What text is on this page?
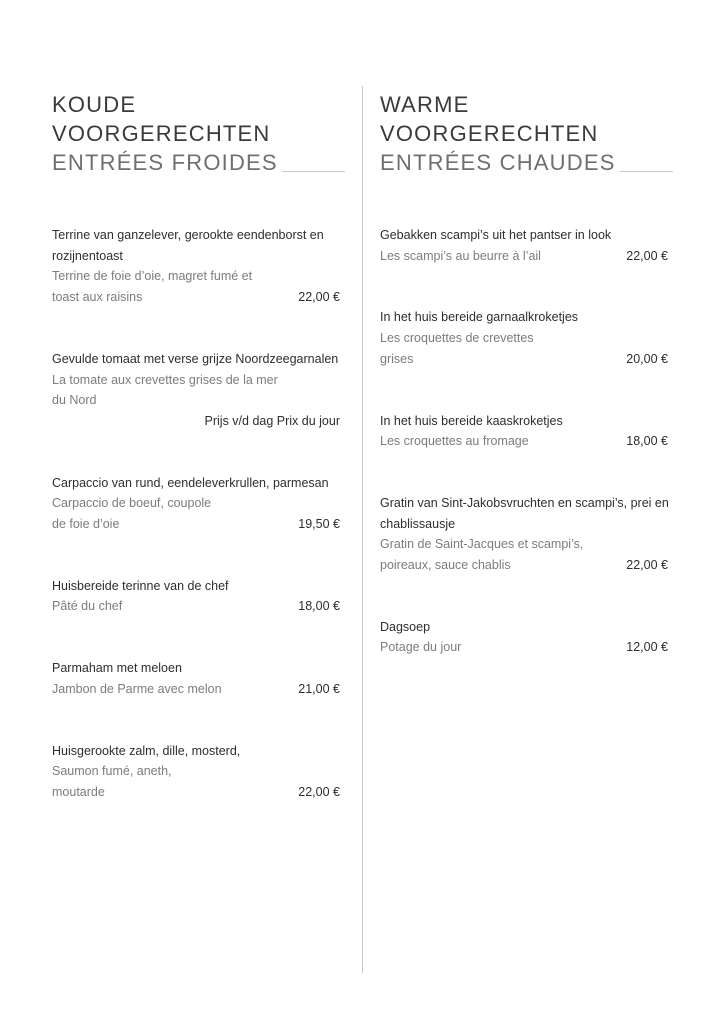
KOUDE
VOORGERECHTEN
ENTRÉES FROIDES
Terrine van ganzelever, gerookte eendenborst en rozijnentoast
Terrine de foie d’oie, magret fumé et toast aux raisins	22,00 €
Gevulde tomaat met verse grijze Noordzeegarnalen
La tomate aux crevettes grises de la mer du Nord
Prijs v/d dag Prix du jour
Carpaccio van rund, eendeleverkrullen, parmesan
Carpaccio de boeuf, coupole de foie d’oie	19,50 €
Huisbereide terinne van de chef
Pâté du chef	18,00 €
Parmaham met meloen
Jambon de Parme avec melon	21,00 €
Huisgerookte zalm, dille, mosterd,
Saumon fumé, aneth, moutarde	22,00 €
WARME
VOORGERECHTEN
ENTRÉES CHAUDES
Gebakken scampi’s uit het pantser in look
Les scampi’s au beurre à l’ail	22,00 €
In het huis bereide garnaalkroketjes
Les croquettes de crevettes grises	20,00 €
In het huis bereide kaaskroketjes
Les croquettes au fromage	18,00 €
Gratin van Sint-Jakobsvruchten en scampi’s, prei en chablissausje
Gratin de Saint-Jacques et scampi’s, poireaux, sauce chablis	22,00 €
Dagsoep
Potage du jour	12,00 €
